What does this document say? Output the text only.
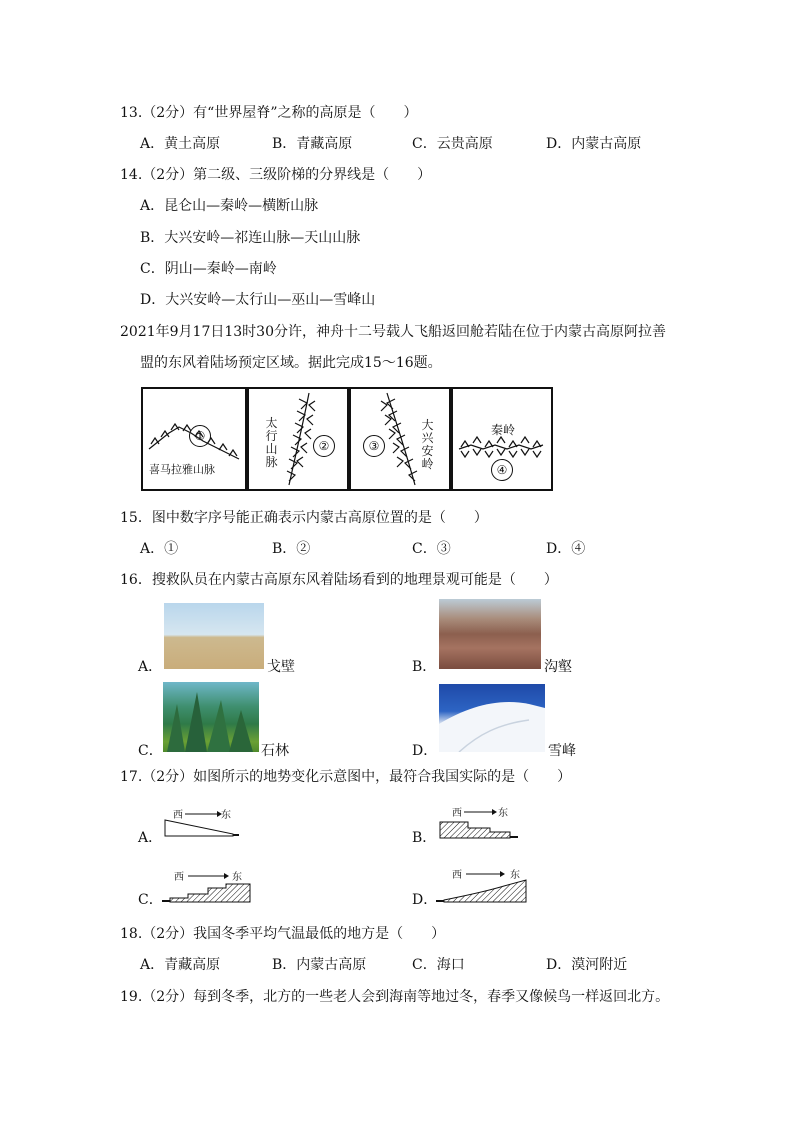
13.（2分）有“世界屋脊”之称的高原是（　　）
A．黄土高原	B．青藏高原	C．云贵高原	D．内蒙古高原
14.（2分）第二级、三级阶梯的分界线是（　　）
A．昆仑山—秦岭—横断山脉
B．大兴安岭—祁连山脉—天山山脉
C．阴山—秦岭—南岭
D．大兴安岭—太行山—巫山—雪峰山
2021年9月17日13时30分许，神舟十二号载人飞船返回舱若陆在位于内蒙古高原阿拉善
盟的东风着陆场预定区域。据此完成15～16题。
①
喜马拉雅山脉
太行山脉
②	③
大兴安岭
秦岭
④
15．图中数字序号能正确表示内蒙古高原位置的是（　　）
A．①	B．②	C．③	D．④
16．搜救队员在内蒙古高原东风着陆场看到的地理景观可能是（　　）
A．	戈壁	B．	沟壑
C．	石林	D．	雪峰
17.（2分）如图所示的地势变化示意图中，最符合我国实际的是（　　）
A．
西	东
B．
西	东
C．
西	东
D．
西	东
18.（2分）我国冬季平均气温最低的地方是（　　）
A．青藏高原	B．内蒙古高原	C．海口	D．漠河附近
19.（2分）每到冬季，北方的一些老人会到海南等地过冬，春季又像候鸟一样返回北方。
